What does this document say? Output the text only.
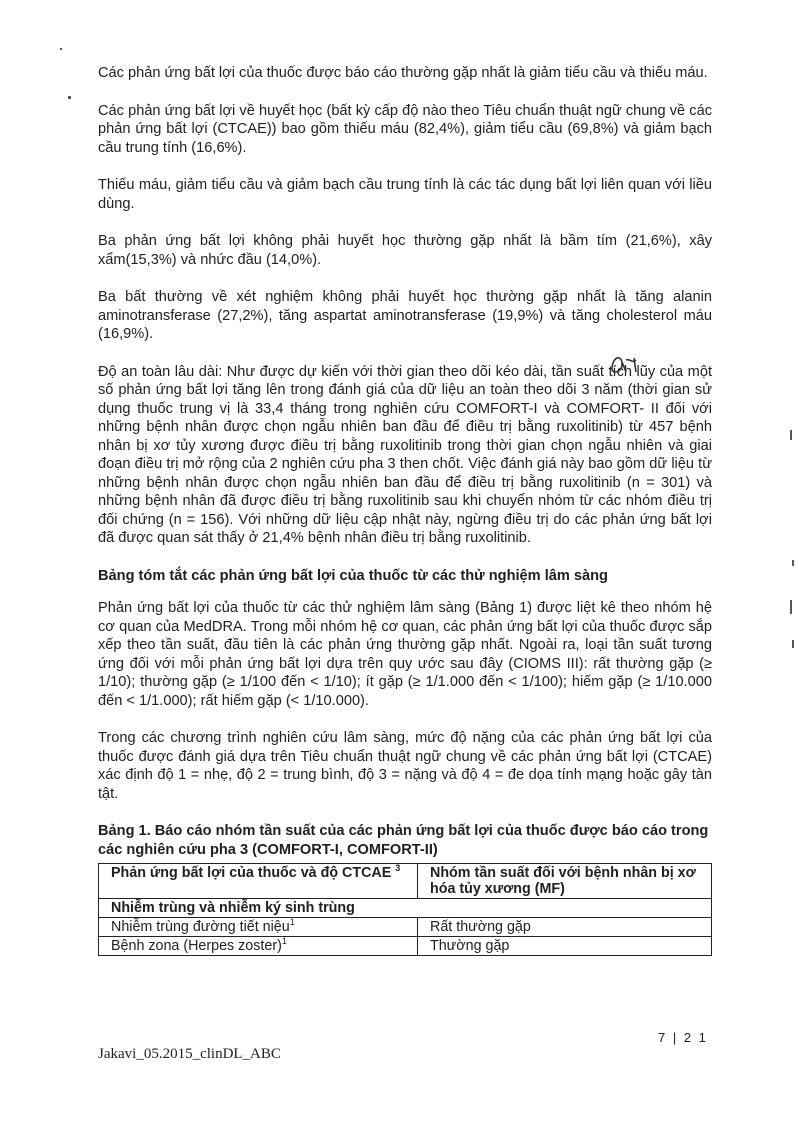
Các phản ứng bất lợi của thuốc được báo cáo thường gặp nhất là giảm tiểu cầu và thiếu máu.

Các phản ứng bất lợi về huyết học (bất kỳ cấp độ nào theo Tiêu chuẩn thuật ngữ chung về các phản ứng bất lợi (CTCAE)) bao gồm thiếu máu (82,4%), giảm tiểu cầu (69,8%) và giảm bạch cầu trung tính (16,6%).

Thiếu máu, giảm tiểu cầu và giảm bạch cầu trung tính là các tác dụng bất lợi liên quan với liều dùng.

Ba phản ứng bất lợi không phải huyết học thường gặp nhất là bầm tím (21,6%), xây xẩm(15,3%) và nhức đầu (14,0%).

Ba bất thường về xét nghiệm không phải huyết học thường gặp nhất là tăng alanin aminotransferase (27,2%), tăng aspartat aminotransferase (19,9%) và tăng cholesterol máu (16,9%).

Độ an toàn lâu dài: Như được dự kiến với thời gian theo dõi kéo dài, tần suất tích lũy của một số phản ứng bất lợi tăng lên trong đánh giá của dữ liệu an toàn theo dõi 3 năm (thời gian sử dụng thuốc trung vị là 33,4 tháng trong nghiên cứu COMFORT-I và COMFORT- II đối với những bệnh nhân được chọn ngẫu nhiên ban đầu để điều trị bằng ruxolitinib) từ 457 bệnh nhân bị xơ tủy xương được điều trị bằng ruxolitinib trong thời gian chọn ngẫu nhiên và giai đoạn điều trị mở rộng của 2 nghiên cứu pha 3 then chốt. Việc đánh giá này bao gồm dữ liệu từ những bệnh nhân được chọn ngẫu nhiên ban đầu để điều trị bằng ruxolitinib (n = 301) và những bệnh nhân đã được điều trị bằng ruxolitinib sau khi chuyển nhóm từ các nhóm điều trị đối chứng (n = 156). Với những dữ liệu cập nhật này, ngừng điều trị do các phản ứng bất lợi đã được quan sát thấy ở 21,4% bệnh nhân điều trị bằng ruxolitinib.

Bảng tóm tắt các phản ứng bất lợi của thuốc từ các thử nghiệm lâm sàng

Phản ứng bất lợi của thuốc từ các thử nghiệm lâm sàng (Bảng 1) được liệt kê theo nhóm hệ cơ quan của MedDRA. Trong mỗi nhóm hệ cơ quan, các phản ứng bất lợi của thuốc được sắp xếp theo tần suất, đầu tiên là các phản ứng thường gặp nhất. Ngoài ra, loại tần suất tương ứng đối với mỗi phản ứng bất lợi dựa trên quy ước sau đây (CIOMS III): rất thường gặp (≥ 1/10); thường gặp (≥ 1/100 đến < 1/10); ít gặp (≥ 1/1.000 đến < 1/100); hiếm gặp (≥ 1/10.000 đến < 1/1.000); rất hiếm gặp (< 1/10.000).

Trong các chương trình nghiên cứu lâm sàng, mức độ nặng của các phản ứng bất lợi của thuốc được đánh giá dựa trên Tiêu chuẩn thuật ngữ chung về các phản ứng bất lợi (CTCAE) xác định độ 1 = nhẹ, độ 2 = trung bình, độ 3 = nặng và độ 4 = đe dọa tính mạng hoặc gây tàn tật.

Bảng 1. Báo cáo nhóm tần suất của các phản ứng bất lợi của thuốc được báo cáo trong các nghiên cứu pha 3 (COMFORT-I, COMFORT-II)

Phản ứng bất lợi của thuốc và độ CTCAE $^3$	Nhóm tần suất đối với bệnh nhân bị xơ hóa tủy xương (MF)
Nhiễm trùng và nhiễm ký sinh trùng	
Nhiễm trùng đường tiết niệu$^1$	Rất thường gặp
Bệnh zona (Herpes zoster)$^1$	Thường gặp
Jakavi_05.2015_clinDL_ABC
7 | 2 1
